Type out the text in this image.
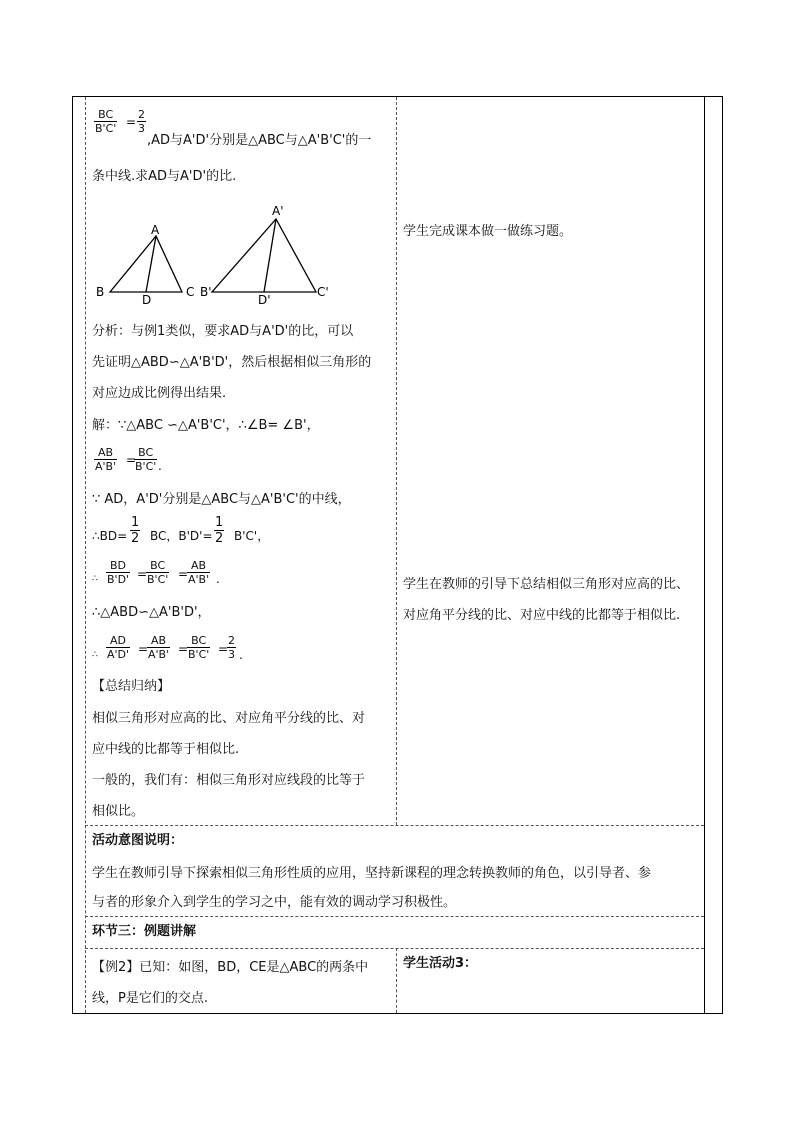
$\frac{BC}{B'C'} = \frac{2}{3}$
,AD与A'D'分别是△ABC与△A'B'C'的一
条中线.求AD与A'D'的比.
A
B
D
C
A'
B'
D'
C'
分析：与例1类似，要求AD与A'D'的比，可以
先证明△ABD∽△A'B'D'，然后根据相似三角形的
对应边成比例得出结果.
解：∵△ABC ∽△A'B'C'，∴∠B= ∠B'，
$\frac{AB}{A'B'}$ =
$\frac{BC}{B'C'}$ .
∵ AD，A'D'分别是△ABC与△A'B'C'的中线，
∴BD= $\frac{1}{2}$ BC，$B'D'= \frac{1}{2} B'C'$，
∴ $\frac{BD}{B'D'}$ =
$\frac{BC}{B'C'}$ =
$\frac{AB}{A'B'}$ .
∴△ABD∽△A'B'D'，
∴ $\frac{AD}{A'D'}$ =
$\frac{AB}{A'B'}$ =
$\frac{BC}{B'C'}$ =
$\frac{2}{3}$ .
【总结归纳】
相似三角形对应高的比、对应角平分线的比、对
应中线的比都等于相似比.
一般的，我们有：相似三角形对应线段的比等于
相似比。
学生完成课本做一做练习题。
学生在教师的引导下总结相似三角形对应高的比、
对应角平分线的比、对应中线的比都等于相似比.
活动意图说明：
学生在教师引导下探索相似三角形性质的应用，坚持新课程的理念转换教师的角色，以引导者、参
与者的形象介入到学生的学习之中，能有效的调动学习积极性。
环节三：例题讲解
【例2】已知：如图，BD，CE是△ABC的两条中
线，P是它们的交点.
学生活动3：
